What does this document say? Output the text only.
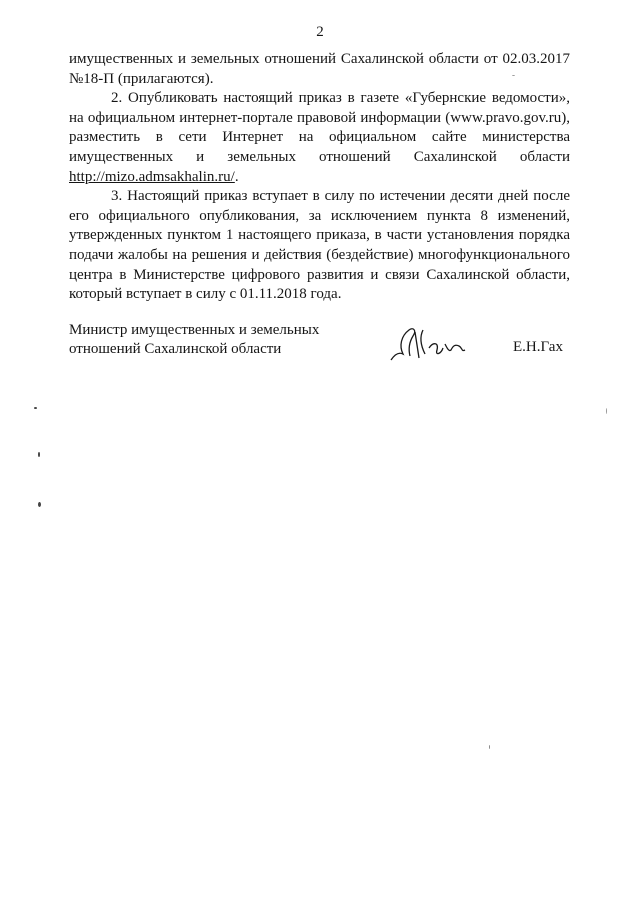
2

имущественных и земельных отношений Сахалинской области от 02.03.2017 №18-П (прилагаются).

2. Опубликовать настоящий приказ в газете «Губернские ведомости», на официальном интернет-портале правовой информации (www.pravo.gov.ru), разместить в сети Интернет на официальном сайте министерства имущественных и земельных отношений Сахалинской области http://mizo.admsakhalin.ru/.

3. Настоящий приказ вступает в силу по истечении десяти дней после его официального опубликования, за исключением пункта 8 изменений, утвержденных пунктом 1 настоящего приказа, в части установления порядка подачи жалобы на решения и действия (бездействие) многофункционального центра в Министерстве цифрового развития и связи Сахалинской области, который вступает в силу с 01.11.2018 года.

Министр имущественных и земельных
отношений Сахалинской области	Е.Н.Гах
